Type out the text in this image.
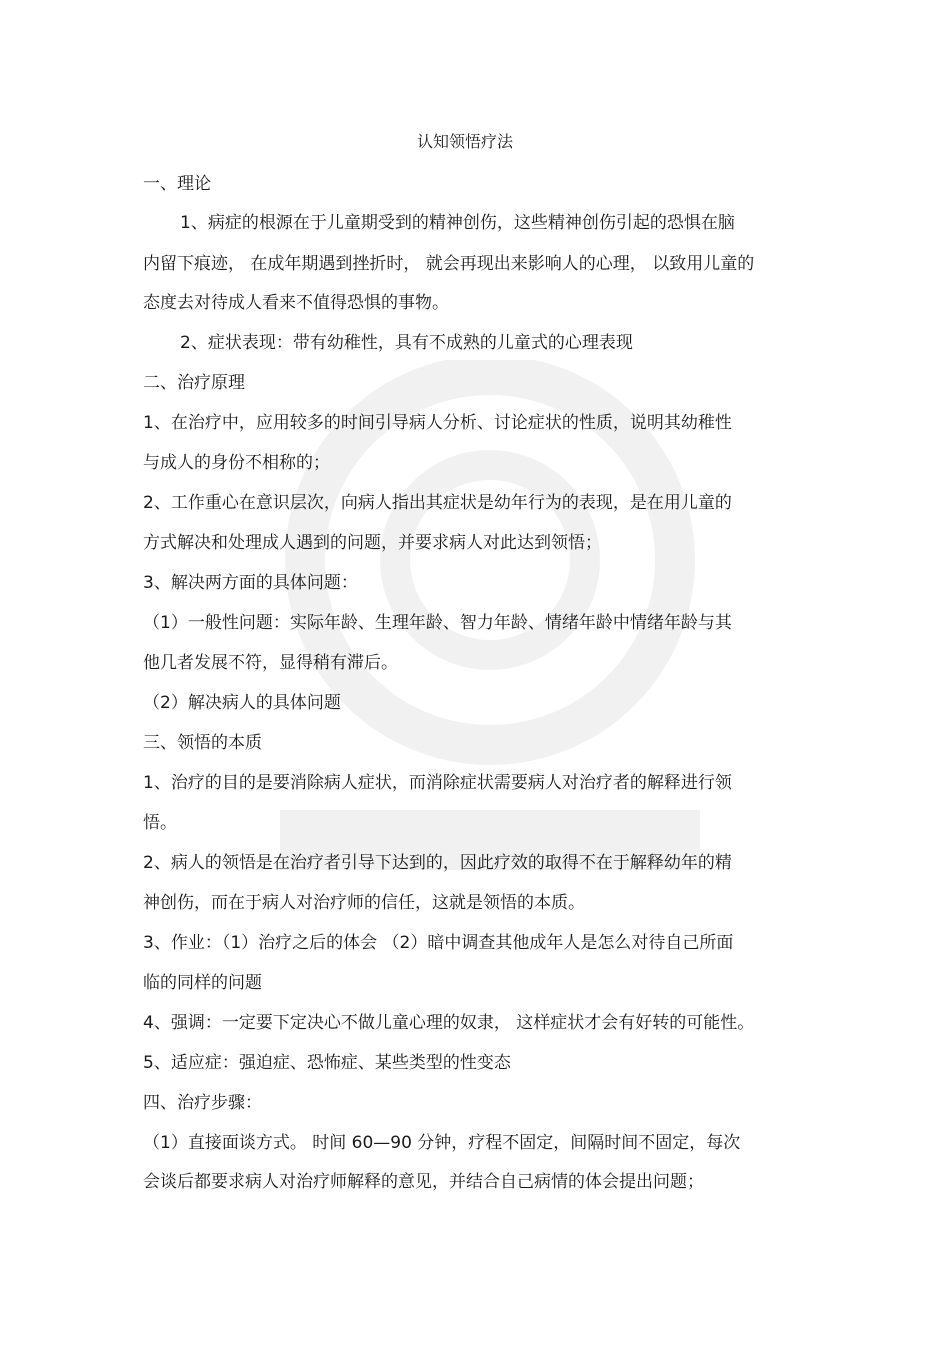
认知领悟疗法
一、理论
1、病症的根源在于儿童期受到的精神创伤，这些精神创伤引起的恐惧在脑
内留下痕迹， 在成年期遇到挫折时， 就会再现出来影响人的心理， 以致用儿童的
态度去对待成人看来不值得恐惧的事物。
2、症状表现：带有幼稚性，具有不成熟的儿童式的心理表现
二、治疗原理
1、在治疗中，应用较多的时间引导病人分析、讨论症状的性质，说明其幼稚性
与成人的身份不相称的；
2、工作重心在意识层次，向病人指出其症状是幼年行为的表现，是在用儿童的
方式解决和处理成人遇到的问题，并要求病人对此达到领悟；
3、解决两方面的具体问题：
（1）一般性问题：实际年龄、生理年龄、智力年龄、情绪年龄中情绪年龄与其
他几者发展不符，显得稍有滞后。
（2）解决病人的具体问题
三、领悟的本质
1、治疗的目的是要消除病人症状，而消除症状需要病人对治疗者的解释进行领
悟。
2、病人的领悟是在治疗者引导下达到的，因此疗效的取得不在于解释幼年的精
神创伤，而在于病人对治疗师的信任，这就是领悟的本质。
3、作业：（1）治疗之后的体会 （2）暗中调查其他成年人是怎么对待自己所面
临的同样的问题
4、强调：一定要下定决心不做儿童心理的奴隶， 这样症状才会有好转的可能性。
5、适应症：强迫症、恐怖症、某些类型的性变态
四、治疗步骤：
（1）直接面谈方式。 时间 60—90 分钟，疗程不固定，间隔时间不固定，每次
会谈后都要求病人对治疗师解释的意见，并结合自己病情的体会提出问题；
